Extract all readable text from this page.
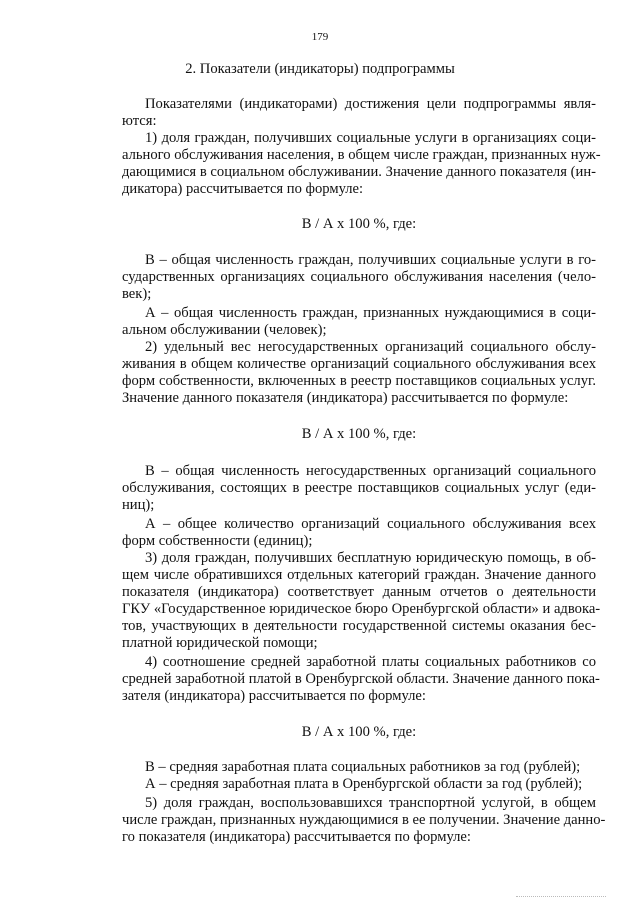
179
2. Показатели (индикаторы) подпрограммы
Показателями (индикаторами) достижения цели подпрограммы явля-
ются:
1) доля граждан, получивших социальные услуги в организациях соци-
ального обслуживания населения, в общем числе граждан, признанных нуж-
дающимися в социальном обслуживании. Значение данного показателя (ин-
дикатора) рассчитывается по формуле:
В / А х 100 %, где:
В – общая численность граждан, получивших социальные услуги в го-
сударственных организациях социального обслуживания населения (чело-
век);
А – общая численность граждан, признанных нуждающимися в соци-
альном обслуживании (человек);
2) удельный вес негосударственных организаций социального обслу-
живания в общем количестве организаций социального обслуживания всех
форм собственности, включенных в реестр поставщиков социальных услуг.
Значение данного показателя (индикатора) рассчитывается по формуле:
В / А х 100 %, где:
В – общая численность негосударственных организаций социального
обслуживания, состоящих в реестре поставщиков социальных услуг (еди-
ниц);
А – общее количество организаций социального обслуживания всех
форм собственности (единиц);
3) доля граждан, получивших бесплатную юридическую помощь, в об-
щем числе обратившихся отдельных категорий граждан. Значение данного
показателя (индикатора) соответствует данным отчетов о деятельности
ГКУ «Государственное юридическое бюро Оренбургской области» и адвока-
тов, участвующих в деятельности государственной системы оказания бес-
платной юридической помощи;
4) соотношение средней заработной платы социальных работников со
средней заработной платой в Оренбургской области. Значение данного пока-
зателя (индикатора) рассчитывается по формуле:
В / А х 100 %, где:
В – средняя заработная плата социальных работников за год (рублей);
А – средняя заработная плата в Оренбургской области за год (рублей);
5) доля граждан, воспользовавшихся транспортной услугой, в общем
числе граждан, признанных нуждающимися в ее получении. Значение данно-
го показателя (индикатора) рассчитывается по формуле:
